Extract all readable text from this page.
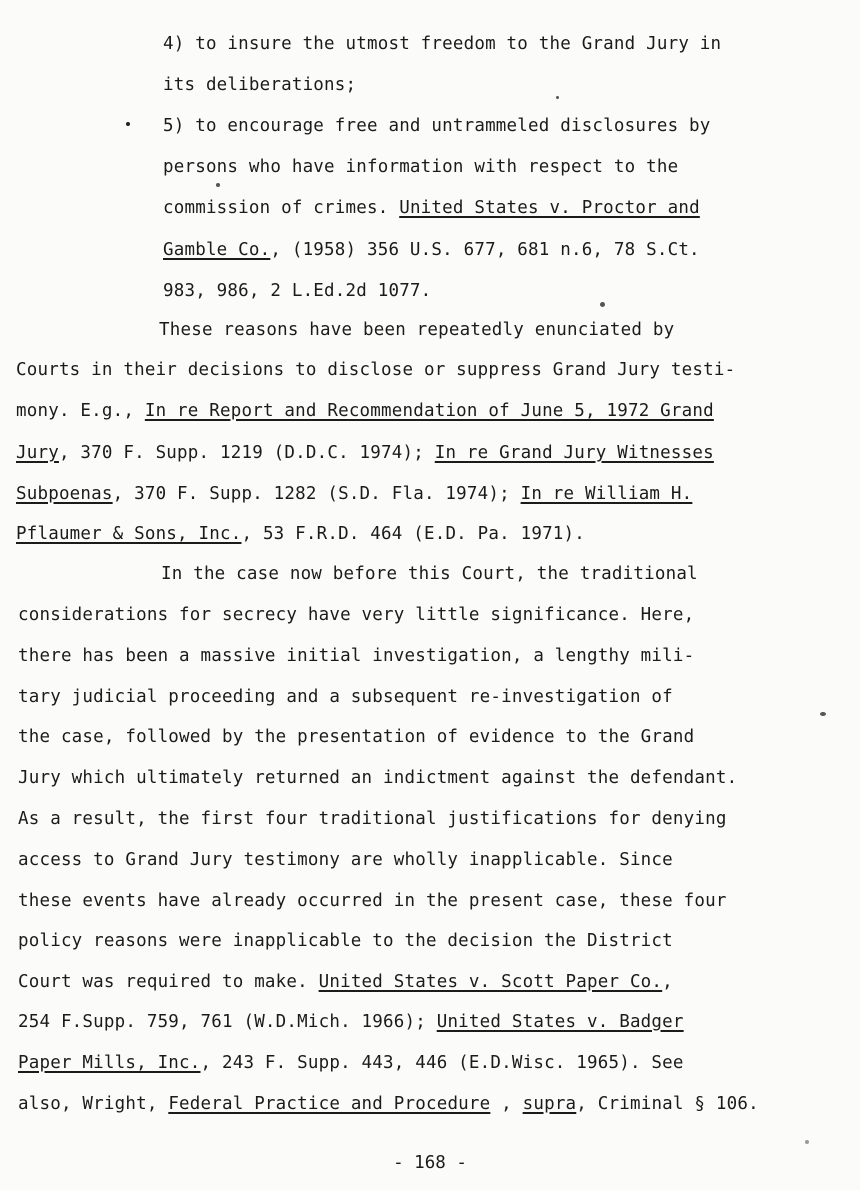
4) to insure the utmost freedom to the Grand Jury in
its deliberations;
5) to encourage free and untrammeled disclosures by
persons who have information with respect to the
commission of crimes. United States v. Proctor and
Gamble Co., (1958) 356 U.S. 677, 681 n.6, 78 S.Ct.
983, 986, 2 L.Ed.2d 1077.
These reasons have been repeatedly enunciated by
Courts in their decisions to disclose or suppress Grand Jury testi-
mony. E.g., In re Report and Recommendation of June 5, 1972 Grand
Jury, 370 F. Supp. 1219 (D.D.C. 1974); In re Grand Jury Witnesses
Subpoenas, 370 F. Supp. 1282 (S.D. Fla. 1974); In re William H.
Pflaumer & Sons, Inc., 53 F.R.D. 464 (E.D. Pa. 1971).
In the case now before this Court, the traditional
considerations for secrecy have very little significance. Here,
there has been a massive initial investigation, a lengthy mili-
tary judicial proceeding and a subsequent re-investigation of
the case, followed by the presentation of evidence to the Grand
Jury which ultimately returned an indictment against the defendant.
As a result, the first four traditional justifications for denying
access to Grand Jury testimony are wholly inapplicable. Since
these events have already occurred in the present case, these four
policy reasons were inapplicable to the decision the District
Court was required to make. United States v. Scott Paper Co.,
254 F.Supp. 759, 761 (W.D.Mich. 1966); United States v. Badger
Paper Mills, Inc., 243 F. Supp. 443, 446 (E.D.Wisc. 1965). See
also, Wright, Federal Practice and Procedure , supra, Criminal § 106.
- 168 -
